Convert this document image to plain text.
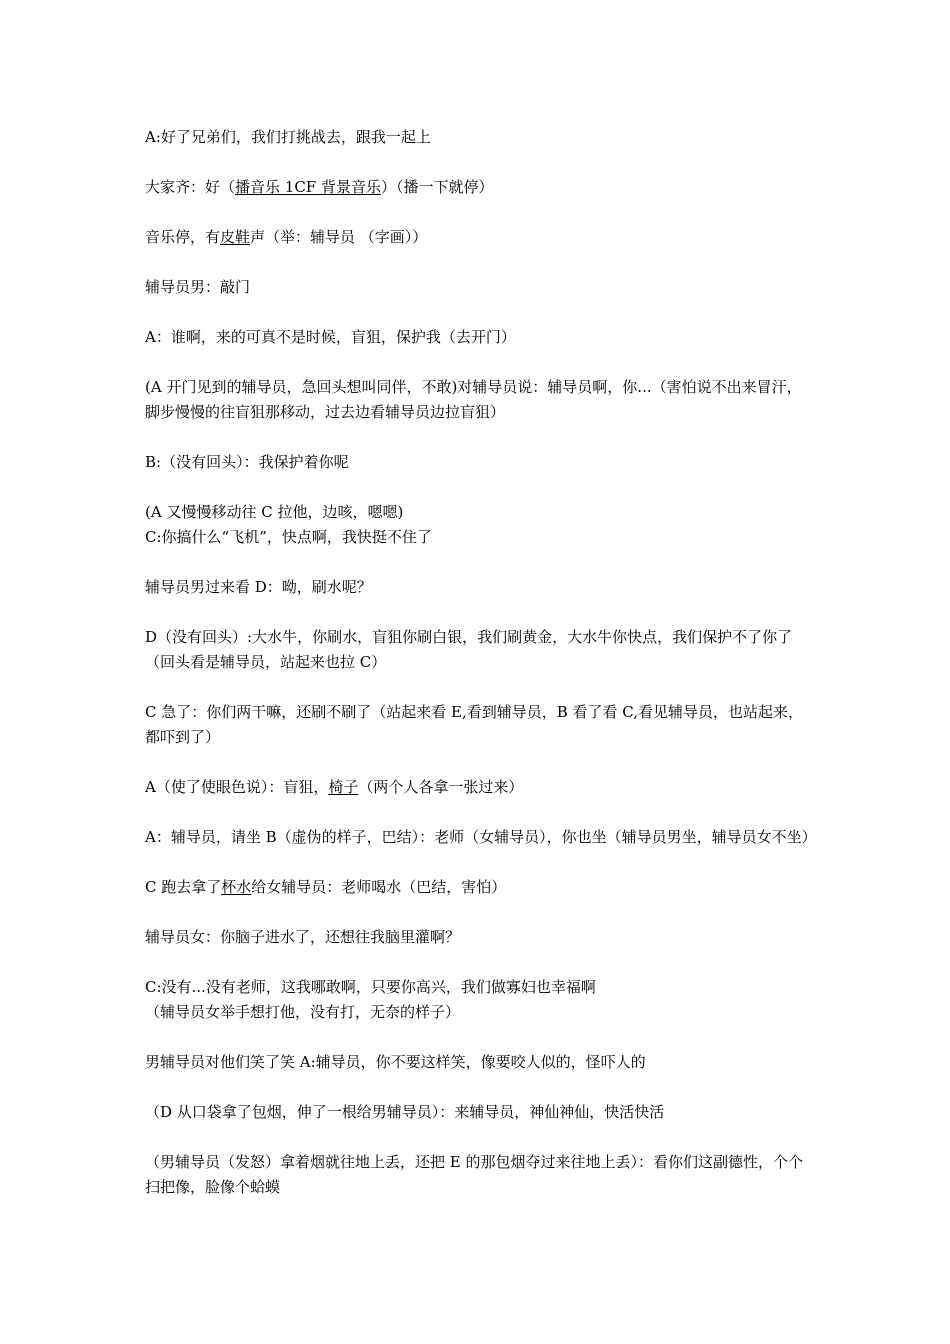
A:好了兄弟们，我们打挑战去，跟我一起上

大家齐：好（播音乐 1CF 背景音乐）（播一下就停）

音乐停，有皮鞋声（举：辅导员 （字画））

辅导员男：敲门

A：谁啊，来的可真不是时候，盲狙，保护我（去开门）

(A 开门见到的辅导员，急回头想叫同伴，不敢)对辅导员说：辅导员啊，你...（害怕说不出来冒汗，脚步慢慢的往盲狙那移动，过去边看辅导员边拉盲狙）

B:（没有回头）：我保护着你呢

(A 又慢慢移动往 C 拉他，边咳，嗯嗯)
C:你搞什么“飞机”，快点啊，我快挺不住了

辅导员男过来看 D：呦，刷水呢？

D（没有回头）:大水牛，你刷水，盲狙你刷白银，我们刷黄金，大水牛你快点，我们保护不了你了（回头看是辅导员，站起来也拉 C）

C 急了：你们两干嘛，还刷不刷了（站起来看 E,看到辅导员，B 看了看 C,看见辅导员，也站起来，都吓到了）

A（使了使眼色说）：盲狙，椅子（两个人各拿一张过来）

A：辅导员，请坐 B（虚伪的样子，巴结）：老师（女辅导员），你也坐（辅导员男坐，辅导员女不坐）

C 跑去拿了杯水给女辅导员：老师喝水（巴结，害怕）

辅导员女：你脑子进水了，还想往我脑里灌啊？

C:没有...没有老师，这我哪敢啊，只要你高兴，我们做寡妇也幸福啊
（辅导员女举手想打他，没有打，无奈的样子）

男辅导员对他们笑了笑 A:辅导员，你不要这样笑，像要咬人似的，怪吓人的

（D 从口袋拿了包烟，伸了一根给男辅导员）：来辅导员，神仙神仙，快活快活

（男辅导员（发怒）拿着烟就往地上丢，还把 E 的那包烟夺过来往地上丢）：看你们这副德性，个个扫把像，脸像个蛤蟆
